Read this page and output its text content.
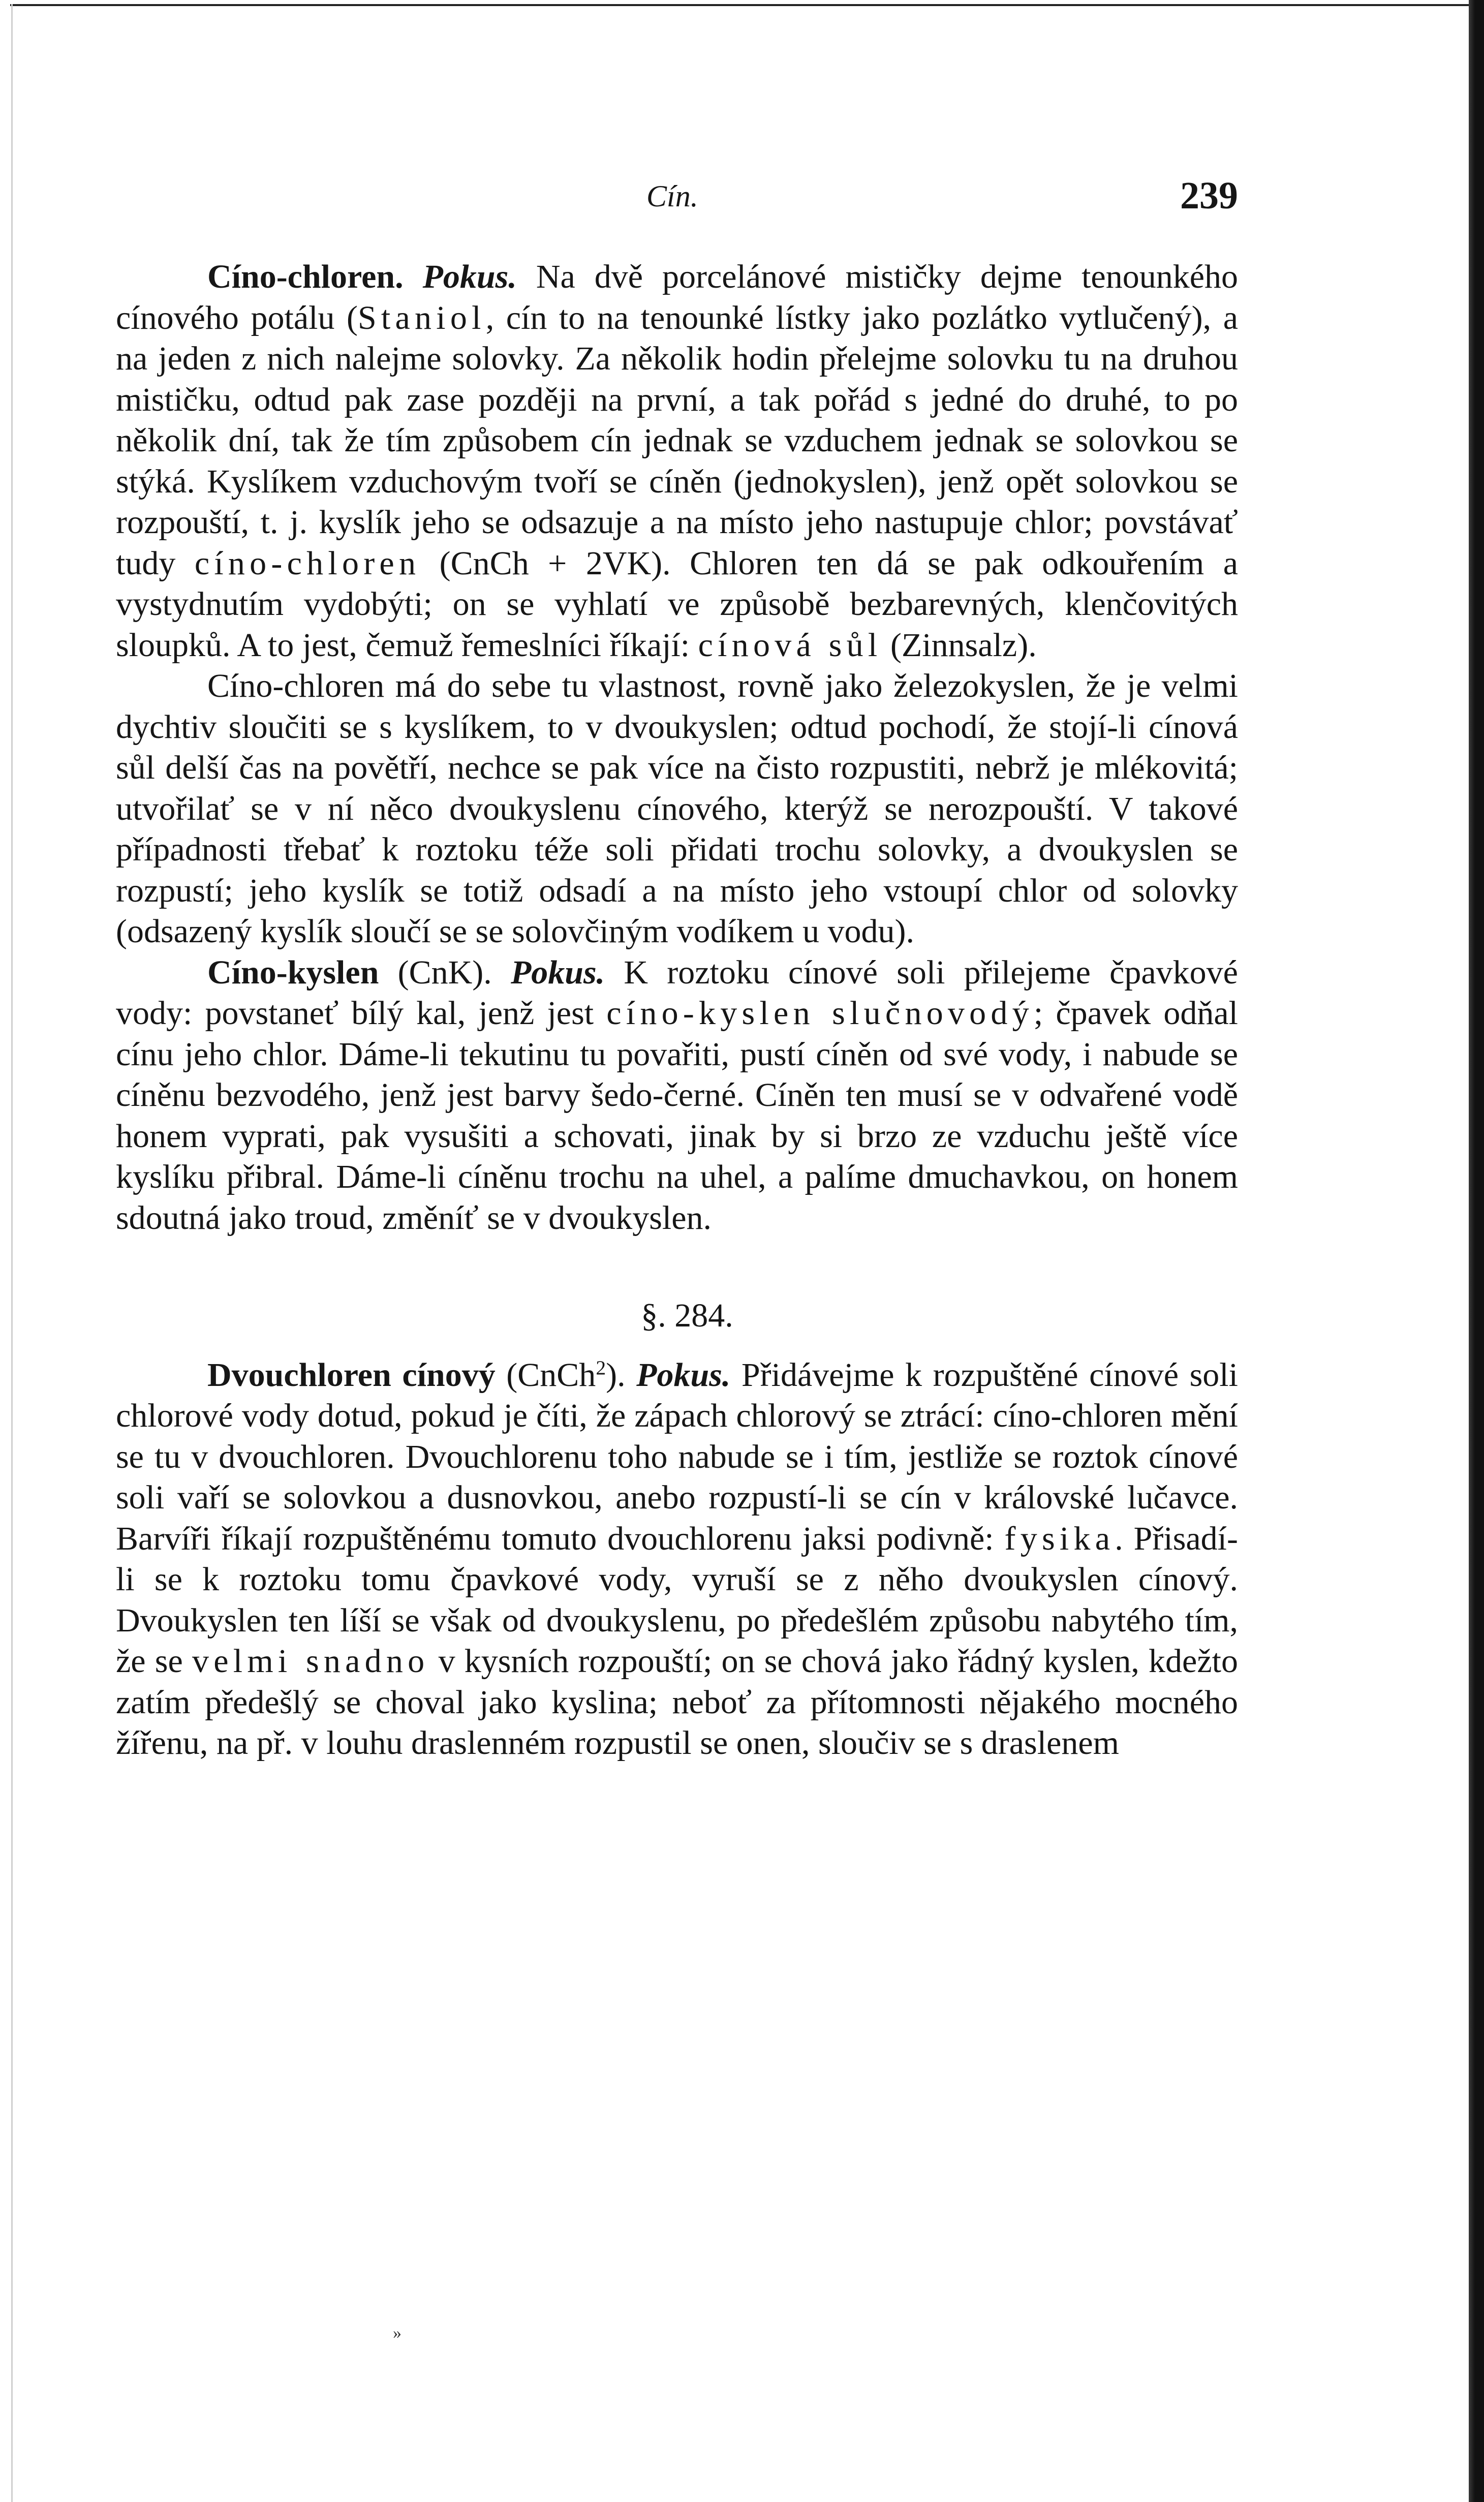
Cín.	239

Cíno-chloren. Pokus. Na dvě porcelánové mističky dejme tenounkého cínového potálu (Staniol, cín to na tenounké lístky jako pozlátko vytlučený), a na jeden z nich nalejme solovky. Za několik hodin přelejme solovku tu na druhou mističku, odtud pak zase později na první, a tak pořád s jedné do druhé, to po několik dní, tak že tím způsobem cín jednak se vzduchem jednak se solovkou se stýká. Kyslíkem vzduchovým tvoří se cíněn (jednokyslen), jenž opět solovkou se rozpouští, t. j. kyslík jeho se odsazuje a na místo jeho nastupuje chlor; povstávať tudy cíno-chloren (CnCh + 2VK). Chloren ten dá se pak odkouřením a vystydnutím vydobýti; on se vyhlatí ve způsobě bezbarevných, klenčovitých sloupků. A to jest, čemuž řemeslníci říkají: cínová sůl (Zinnsalz).

Cíno-chloren má do sebe tu vlastnost, rovně jako železokyslen, že je velmi dychtiv sloučiti se s kyslíkem, to v dvoukyslen; odtud pochodí, že stojí-li cínová sůl delší čas na povětří, nechce se pak více na čisto rozpustiti, nebrž je mlékovitá; utvořilať se v ní něco dvoukyslenu cínového, kterýž se nerozpouští. V takové případnosti třebať k roztoku téže soli přidati trochu solovky, a dvoukyslen se rozpustí; jeho kyslík se totiž odsadí a na místo jeho vstoupí chlor od solovky (odsazený kyslík sloučí se se solovčiným vodíkem u vodu).

Cíno-kyslen (CnK). Pokus. K roztoku cínové soli přilejeme čpavkové vody: povstaneť bílý kal, jenž jest cíno-kyslen slučnovodý; čpavek odňal cínu jeho chlor. Dáme-li tekutinu tu povařiti, pustí cíněn od své vody, i nabude se cíněnu bezvodého, jenž jest barvy šedo-černé. Cíněn ten musí se v odvařené vodě honem vyprati, pak vysušiti a schovati, jinak by si brzo ze vzduchu ještě více kyslíku přibral. Dáme-li cíněnu trochu na uhel, a palíme dmuchavkou, on honem sdoutná jako troud, změníť se v dvoukyslen.

§. 284.

Dvouchloren cínový (CnCh$^2$). Pokus. Přidávejme k rozpuštěné cínové soli chlorové vody dotud, pokud je číti, že zápach chlorový se ztrácí: cíno-chloren mění se tu v dvouchloren. Dvouchlorenu toho nabude se i tím, jestliže se roztok cínové soli vaří se solovkou a dusnovkou, anebo rozpustí-li se cín v královské lučavce. Barvíři říkají rozpuštěnému tomuto dvouchlorenu jaksi podivně: fysika. Přisadí-li se k roztoku tomu čpavkové vody, vyruší se z něho dvoukyslen cínový. Dvoukyslen ten líší se však od dvoukyslenu, po předešlém způsobu nabytého tím, že se velmi snadno v kysních rozpouští; on se chová jako řádný kyslen, kdežto zatím předešlý se choval jako kyslina; neboť za přítomnosti nějakého mocného žířenu, na př. v louhu draslenném rozpustil se onen, sloučiv se s draslenem

»
